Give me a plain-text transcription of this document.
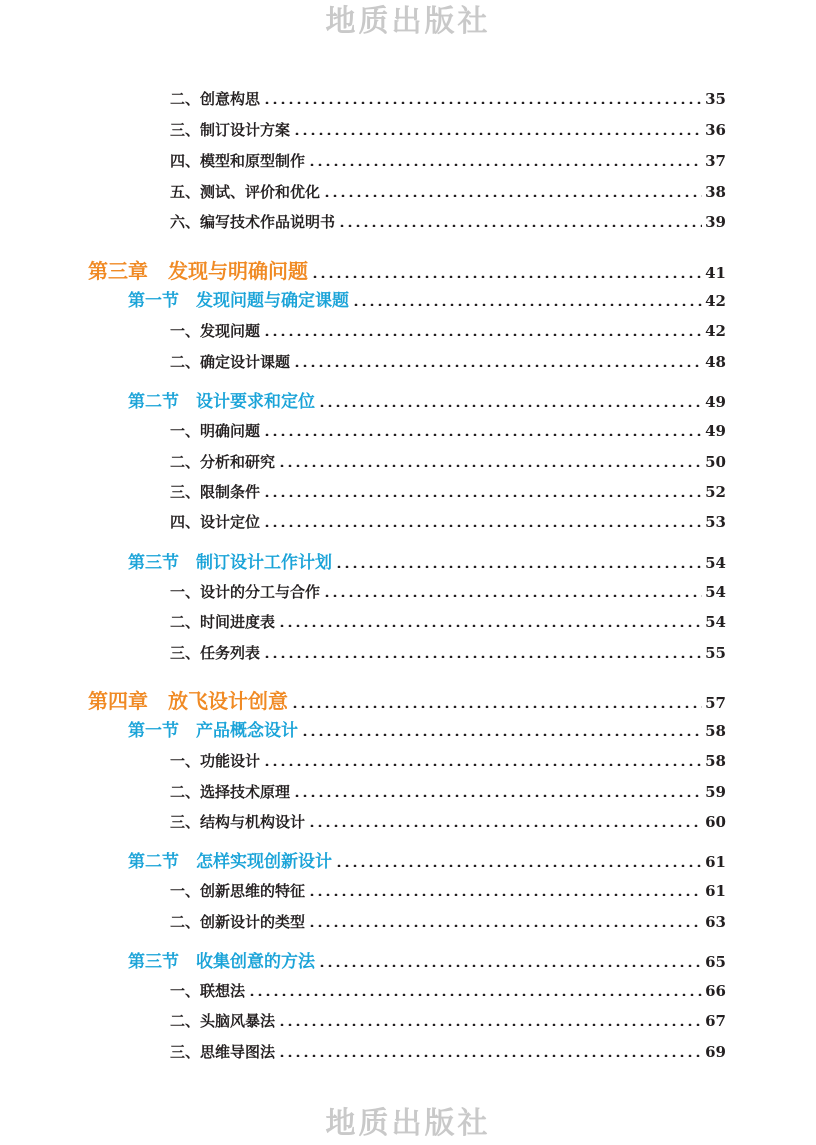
地质出版社
二、创意构思	35
三、制订设计方案	36
四、模型和原型制作	37
五、测试、评价和优化	38
六、编写技术作品说明书	39
第三章　发现与明确问题	41
第一节　发现问题与确定课题	42
一、发现问题	42
二、确定设计课题	48
第二节　设计要求和定位	49
一、明确问题	49
二、分析和研究	50
三、限制条件	52
四、设计定位	53
第三节　制订设计工作计划	54
一、设计的分工与合作	54
二、时间进度表	54
三、任务列表	55
第四章　放飞设计创意	57
第一节　产品概念设计	58
一、功能设计	58
二、选择技术原理	59
三、结构与机构设计	60
第二节　怎样实现创新设计	61
一、创新思维的特征	61
二、创新设计的类型	63
第三节　收集创意的方法	65
一、联想法	66
二、头脑风暴法	67
三、思维导图法	69
地质出版社
